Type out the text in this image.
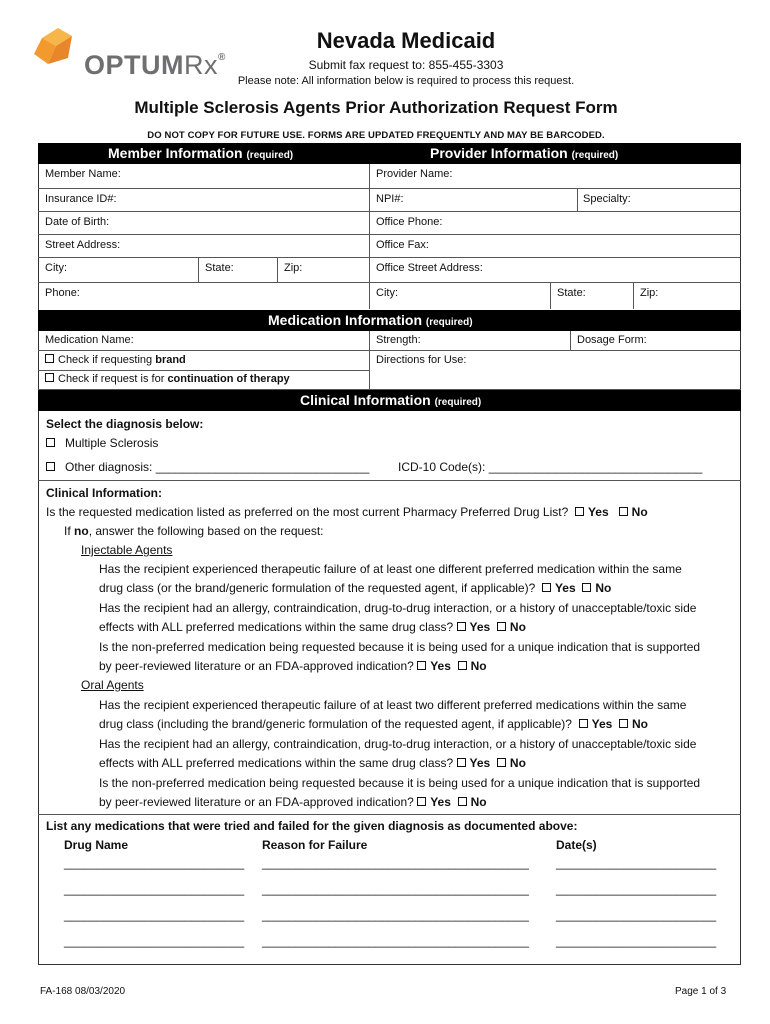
OPTUMRx®
Nevada Medicaid
Submit fax request to: 855-455-3303
Please note: All information below is required to process this request.
Multiple Sclerosis Agents Prior Authorization Request Form
DO NOT COPY FOR FUTURE USE. FORMS ARE UPDATED FREQUENTLY AND MAY BE BARCODED.
Member Information (required)	Provider Information (required)
Member Name:
Insurance ID#:
Date of Birth:
Street Address:
City:	State:	Zip:
Phone:
Provider Name:
NPI#:	Specialty:
Office Phone:
Office Fax:
Office Street Address:
City:	State:	Zip:
Medication Information (required)
Medication Name:	Strength:	Dosage Form:
Check if requesting brand
Check if request is for continuation of therapy
Directions for Use:
Clinical Information (required)
Select the diagnosis below:
Multiple Sclerosis
Other diagnosis: ________________________________ ICD-10 Code(s): ________________________________
Clinical Information:
Is the requested medication listed as preferred on the most current Pharmacy Preferred Drug List? Yes No
If no, answer the following based on the request:
Injectable Agents
Has the recipient experienced therapeutic failure of at least one different preferred medication within the same
drug class (or the brand/generic formulation of the requested agent, if applicable)? Yes No
Has the recipient had an allergy, contraindication, drug-to-drug interaction, or a history of unacceptable/toxic side
effects with ALL preferred medications within the same drug class? Yes No
Is the non-preferred medication being requested because it is being used for a unique indication that is supported
by peer-reviewed literature or an FDA-approved indication? Yes No
Oral Agents
Has the recipient experienced therapeutic failure of at least two different preferred medications within the same
drug class (including the brand/generic formulation of the requested agent, if applicable)? Yes No
Has the recipient had an allergy, contraindication, drug-to-drug interaction, or a history of unacceptable/toxic side
effects with ALL preferred medications within the same drug class? Yes No
Is the non-preferred medication being requested because it is being used for a unique indication that is supported
by peer-reviewed literature or an FDA-approved indication? Yes No
List any medications that were tried and failed for the given diagnosis as documented above:
Drug Name	Reason for Failure	Date(s)
___________________________ ________________________________________ ________________________
___________________________ ________________________________________ ________________________
___________________________ ________________________________________ ________________________
___________________________ ________________________________________ ________________________
FA-168 08/03/2020	Page 1 of 3
